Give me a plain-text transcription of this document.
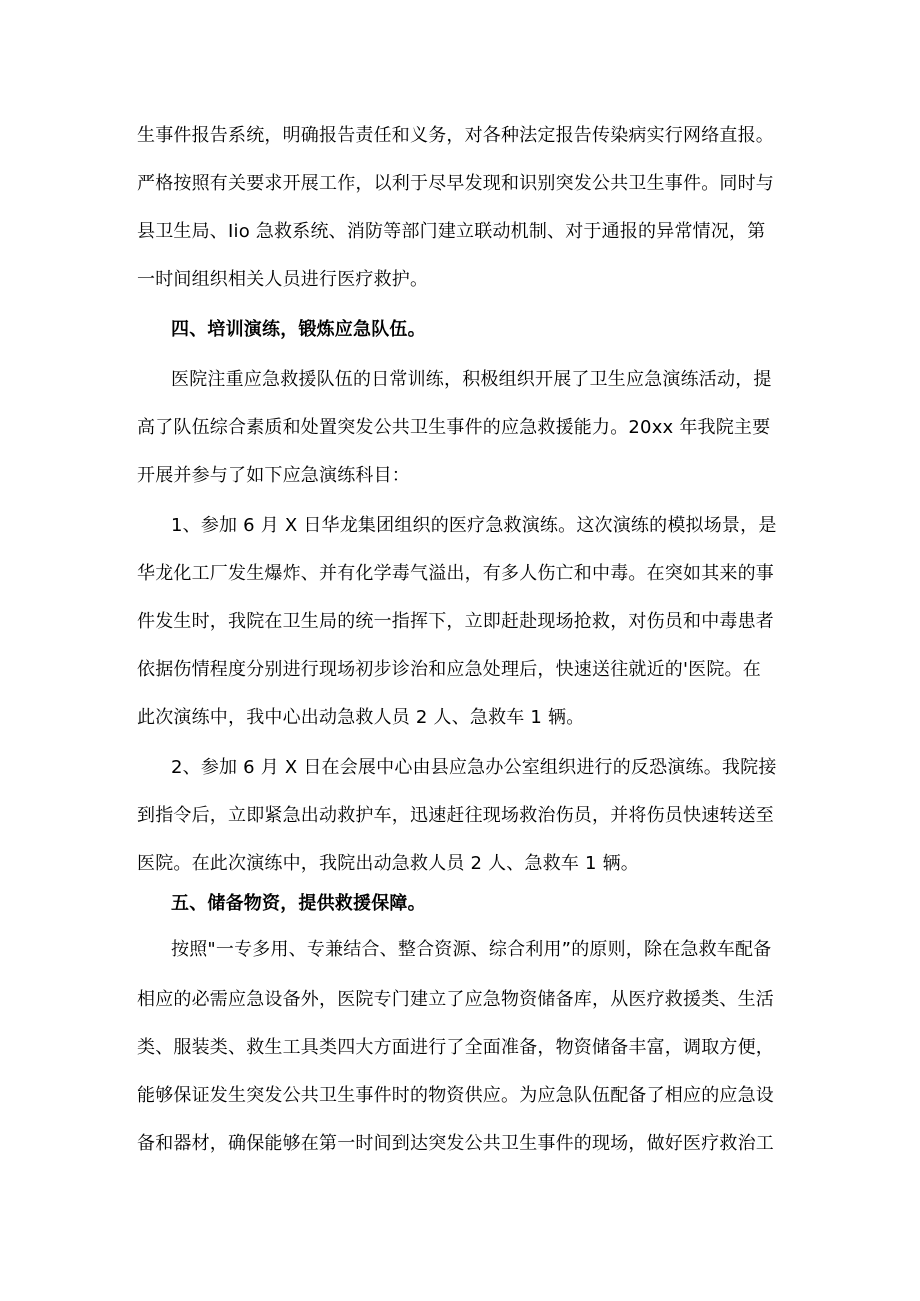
生事件报告系统，明确报告责任和义务，对各种法定报告传染病实行网络直报。
严格按照有关要求开展工作，以利于尽早发现和识别突发公共卫生事件。同时与
县卫生局、Iio 急救系统、消防等部门建立联动机制、对于通报的异常情况，第
一时间组织相关人员进行医疗救护。
四、培训演练，锻炼应急队伍。
医院注重应急救援队伍的日常训练，积极组织开展了卫生应急演练活动，提
高了队伍综合素质和处置突发公共卫生事件的应急救援能力。20xx 年我院主要
开展并参与了如下应急演练科目：
1、参加 6 月 X 日华龙集团组织的医疗急救演练。这次演练的模拟场景，是
华龙化工厂发生爆炸、并有化学毒气溢出，有多人伤亡和中毒。在突如其来的事
件发生时，我院在卫生局的统一指挥下，立即赶赴现场抢救，对伤员和中毒患者
依据伤情程度分别进行现场初步诊治和应急处理后，快速送往就近的'医院。在
此次演练中，我中心出动急救人员 2 人、急救车 1 辆。
2、参加 6 月 X 日在会展中心由县应急办公室组织进行的反恐演练。我院接
到指令后，立即紧急出动救护车，迅速赶往现场救治伤员，并将伤员快速转送至
医院。在此次演练中，我院出动急救人员 2 人、急救车 1 辆。
五、储备物资，提供救援保障。
按照"一专多用、专兼结合、整合资源、综合利用”的原则，除在急救车配备
相应的必需应急设备外，医院专门建立了应急物资储备库，从医疗救援类、生活
类、服装类、救生工具类四大方面进行了全面准备，物资储备丰富，调取方便，
能够保证发生突发公共卫生事件时的物资供应。为应急队伍配备了相应的应急设
备和器材，确保能够在第一时间到达突发公共卫生事件的现场，做好医疗救治工
